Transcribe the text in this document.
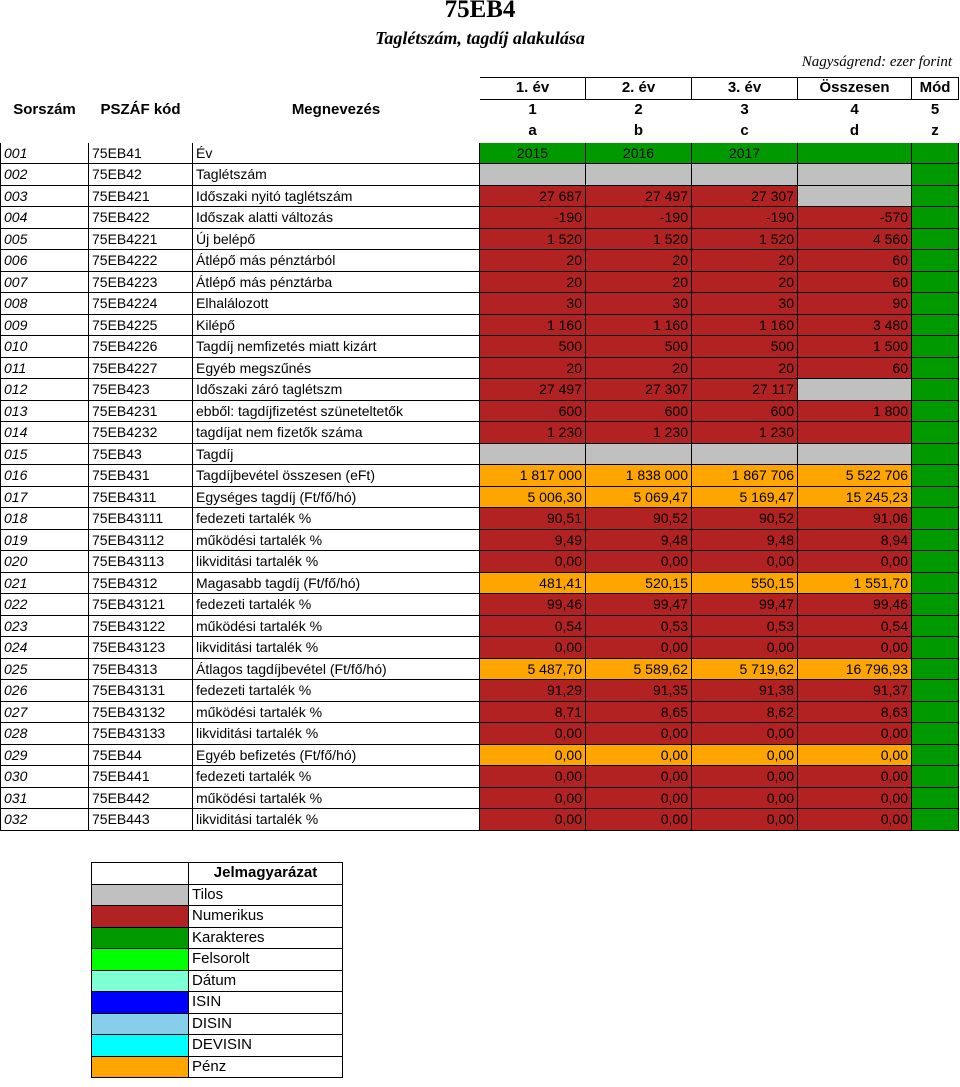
75EB4
Taglétszám, tagdíj alakulása
Nagyságrend: ezer forint
			1. év	2. év	3. év	Összesen	Mód
Sorszám	PSZÁF kód	Megnevezés	1	2	3	4	5
			a	b	c	d	z
001	75EB41	Év	2015	2016	2017		
002	75EB42	Taglétszám					
003	75EB421	Időszaki nyitó taglétszám	27 687	27 497	27 307		
004	75EB422	Időszak alatti változás	-190	-190	-190	-570	
005	75EB4221	Új belépő	1 520	1 520	1 520	4 560	
006	75EB4222	Átlépő más pénztárból	20	20	20	60	
007	75EB4223	Átlépő más pénztárba	20	20	20	60	
008	75EB4224	Elhalálozott	30	30	30	90	
009	75EB4225	Kilépő	1 160	1 160	1 160	3 480	
010	75EB4226	Tagdíj nemfizetés miatt kizárt	500	500	500	1 500	
011	75EB4227	Egyéb megszűnés	20	20	20	60	
012	75EB423	Időszaki záró taglétszm	27 497	27 307	27 117		
013	75EB4231	ebből: tagdíjfizetést szüneteltetők	600	600	600	1 800	
014	75EB4232	tagdíjat nem fizetők száma	1 230	1 230	1 230		
015	75EB43	Tagdíj					
016	75EB431	Tagdíjbevétel összesen (eFt)	1 817 000	1 838 000	1 867 706	5 522 706	
017	75EB4311	Egységes tagdíj (Ft/fő/hó)	5 006,30	5 069,47	5 169,47	15 245,23	
018	75EB43111	fedezeti tartalék %	90,51	90,52	90,52	91,06	
019	75EB43112	működési tartalék %	9,49	9,48	9,48	8,94	
020	75EB43113	likviditási tartalék %	0,00	0,00	0,00	0,00	
021	75EB4312	Magasabb tagdíj (Ft/fő/hó)	481,41	520,15	550,15	1 551,70	
022	75EB43121	fedezeti tartalék %	99,46	99,47	99,47	99,46	
023	75EB43122	működési tartalék %	0,54	0,53	0,53	0,54	
024	75EB43123	likviditási tartalék %	0,00	0,00	0,00	0,00	
025	75EB4313	Átlagos tagdíjbevétel (Ft/fő/hó)	5 487,70	5 589,62	5 719,62	16 796,93	
026	75EB43131	fedezeti tartalék %	91,29	91,35	91,38	91,37	
027	75EB43132	működési tartalék %	8,71	8,65	8,62	8,63	
028	75EB43133	likviditási tartalék %	0,00	0,00	0,00	0,00	
029	75EB44	Egyéb befizetés (Ft/fő/hó)	0,00	0,00	0,00	0,00	
030	75EB441	fedezeti tartalék %	0,00	0,00	0,00	0,00	
031	75EB442	működési tartalék %	0,00	0,00	0,00	0,00	
032	75EB443	likviditási tartalék %	0,00	0,00	0,00	0,00	
	Jelmagyarázat
	Tilos
	Numerikus
	Karakteres
	Felsorolt
	Dátum
	ISIN
	DISIN
	DEVISIN
	Pénz
